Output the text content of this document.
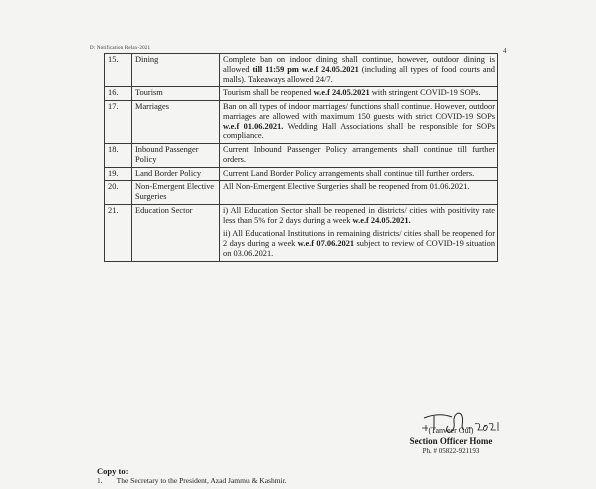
D: Notification Relax-2021	4
15.	Dining	Complete ban on indoor dining shall continue, however, outdoor dining is allowed till 11:59 pm w.e.f 24.05.2021 (including all types of food courts and malls). Takeaways allowed 24/7.

16.	Tourism	Tourism shall be reopened w.e.f 24.05.2021 with stringent COVID-19 SOPs.

17.	Marriages	Ban on all types of indoor marriages/ functions shall continue. However, outdoor marriages are allowed with maximum 150 guests with strict COVID-19 SOPs w.e.f 01.06.2021. Wedding Hall Associations shall be responsible for SOPs compliance.

18.	Inbound Passenger Policy	Current Inbound Passenger Policy arrangements shall continue till further orders.

19.	Land Border Policy	Current Land Border Policy arrangements shall continue till further orders.

20.	Non-Emergent Elective Surgeries	All Non-Emergent Elective Surgeries shall be reopened from 01.06.2021.

21.	Education Sector	i) All Education Sector shall be reopened in districts/ cities with positivity rate less than 5% for 2 days during a week w.e.f 24.05.2021.

ii) All Educational Institutions in remaining districts/ cities shall be reopened for 2 days during a week w.e.f 07.06.2021 subject to review of COVID-19 situation on 03.06.2021.

(Tanveer Gul)
Section Officer Home
Ph. # 05822-921193
Copy to:
1. The Secretary to the President, Azad Jammu & Kashmir.
